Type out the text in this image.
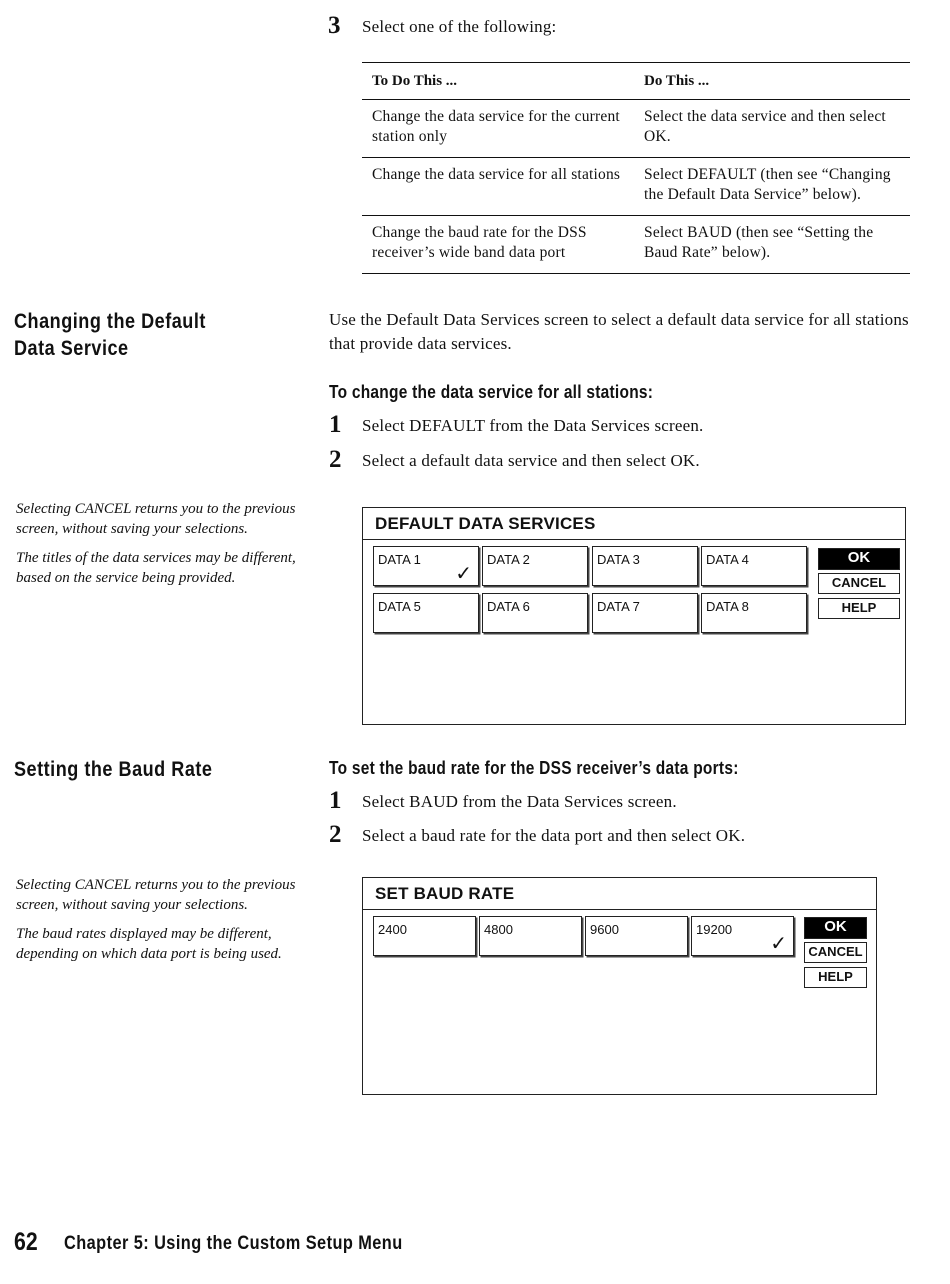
3 Select one of the following:
To Do This ...	Do This ...
Change the data service for the current station only	Select the data service and then select OK.
Change the data service for all stations	Select DEFAULT (then see “Changing the Default Data Service” below).
Change the baud rate for the DSS receiver’s wide band data port	Select BAUD (then see “Setting the Baud Rate” below).
Changing the Default
Data Service
Use the Default Data Services screen to select a default data service for all stations that provide data services.
To change the data service for all stations:
1 Select DEFAULT from the Data Services screen.
2 Select a default data service and then select OK.

Selecting CANCEL returns you to the previous screen, without saving your selections.

The titles of the data services may be different, based on the service being provided.

DEFAULT DATA SERVICES
DATA 1
✓
DATA 2	DATA 3	DATA 4
DATA 5	DATA 6	DATA 7	DATA 8
OK
CANCEL
HELP
Setting the Baud Rate	To set the baud rate for the DSS receiver’s data ports:
1 Select BAUD from the Data Services screen.
2 Select a baud rate for the data port and then select OK.

Selecting CANCEL returns you to the previous screen, without saving your selections.

The baud rates displayed may be different, depending on which data port is being used.

SET BAUD RATE
2400	4800	9600	19200
✓
OK
CANCEL
HELP
62 Chapter 5: Using the Custom Setup Menu
